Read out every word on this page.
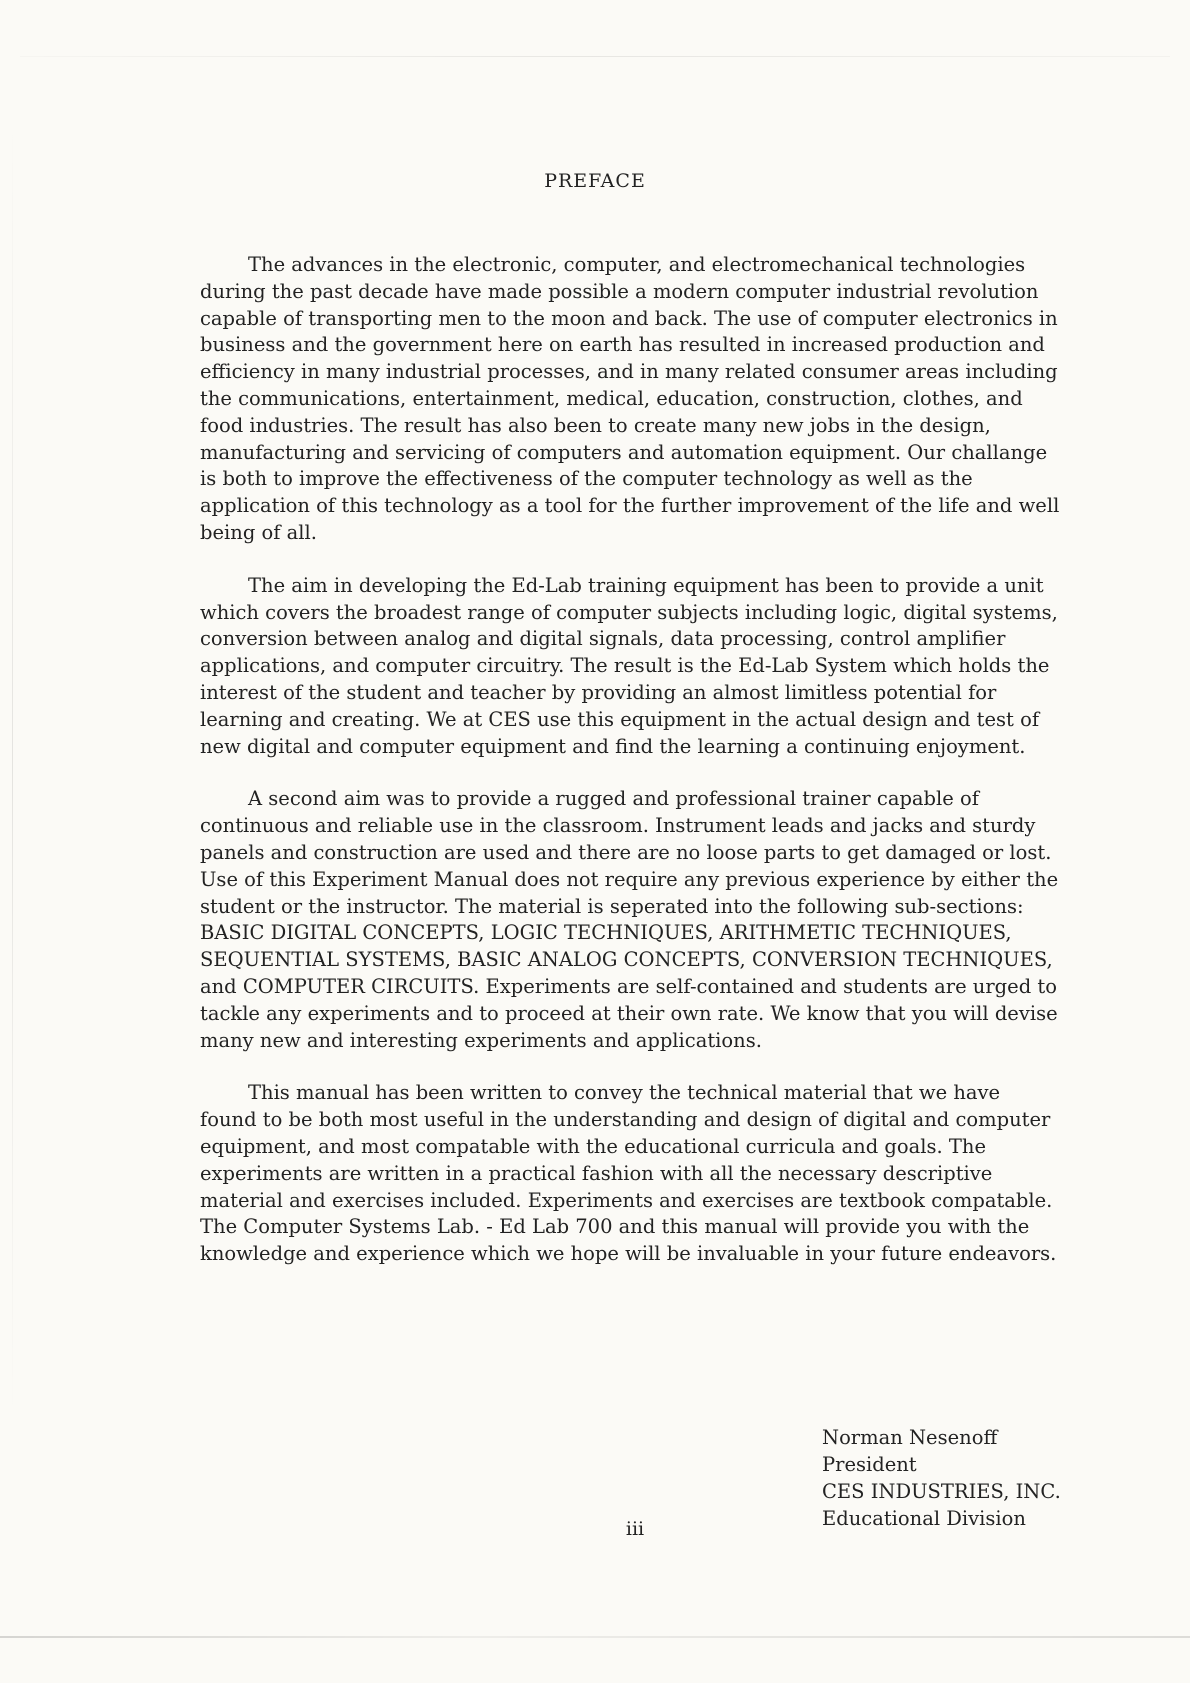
PREFACE

The advances in the electronic, computer, and electromechanical technologies during the past decade have made possible a modern computer industrial revolution capable of transporting men to the moon and back. The use of computer electronics in business and the government here on earth has resulted in increased production and efficiency in many industrial processes, and in many related consumer areas including the communications, entertainment, medical, education, construction, clothes, and food industries. The result has also been to create many new jobs in the design, manufacturing and servicing of computers and automation equipment. Our challange is both to improve the effectiveness of the computer technology as well as the application of this technology as a tool for the further improvement of the life and well being of all.

The aim in developing the Ed-Lab training equipment has been to provide a unit which covers the broadest range of computer subjects including logic, digital systems, conversion between analog and digital signals, data processing, control amplifier applications, and computer circuitry. The result is the Ed-Lab System which holds the interest of the student and teacher by providing an almost limitless potential for learning and creating. We at CES use this equipment in the actual design and test of new digital and computer equipment and find the learning a continuing enjoyment.

A second aim was to provide a rugged and professional trainer capable of continuous and reliable use in the classroom. Instrument leads and jacks and sturdy panels and construction are used and there are no loose parts to get damaged or lost. Use of this Experiment Manual does not require any previous experience by either the student or the instructor. The material is seperated into the following sub-sections: BASIC DIGITAL CONCEPTS, LOGIC TECHNIQUES, ARITHMETIC TECHNIQUES, SEQUENTIAL SYSTEMS, BASIC ANALOG CONCEPTS, CONVERSION TECHNIQUES, and COMPUTER CIRCUITS. Experiments are self-contained and students are urged to tackle any experiments and to proceed at their own rate. We know that you will devise many new and interesting experiments and applications.

This manual has been written to convey the technical material that we have found to be both most useful in the understanding and design of digital and computer equipment, and most compatable with the educational curricula and goals. The experiments are written in a practical fashion with all the necessary descriptive material and exercises included. Experiments and exercises are textbook compatable. The Computer Systems Lab. - Ed Lab 700 and this manual will provide you with the knowledge and experience which we hope will be invaluable in your future endeavors.

Norman Nesenoff
President
CES INDUSTRIES, INC.
Educational Division
iii
